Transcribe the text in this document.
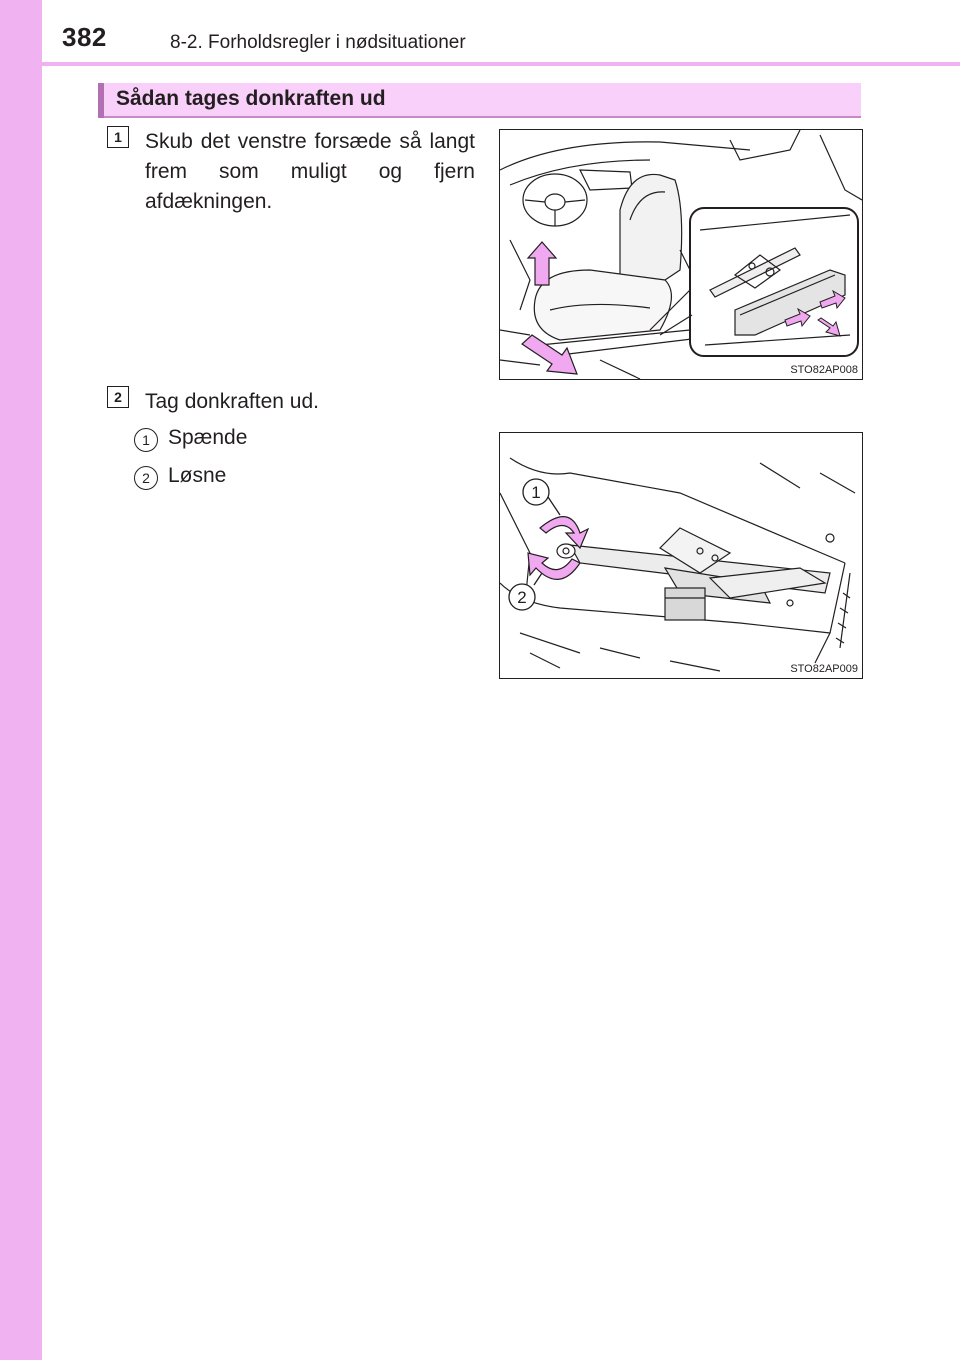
382	8-2. Forholdsregler i nødsituationer
Sådan tages donkraften ud
1	Skub det venstre forsæde så langt frem som muligt og fjern afdækningen.
STO82AP008
2	Tag donkraften ud.
1 Spænde
2 Løsne
1
2
STO82AP009
